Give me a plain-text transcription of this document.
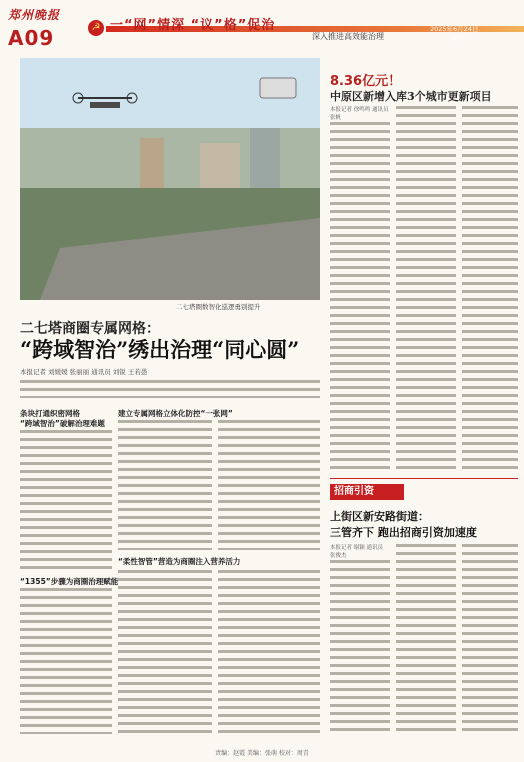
郑州晚报
A09	☭ 一“网”情深 “议”格”促治
深入推进高效能治理
2025年6月24日
星期二
二七塔圈数智化巡逻勇别提升
二七塔商圈专属网格：
“跨域智治”绣出治理“同心圆”
本报记者 刘媛媛 张丽丽 通讯员 刘锐 王若愚
条块打通织密网格
“跨域智治”破解治理难题
“1355”步骤为商圈治理赋能
建立专属网格立体化防控“一张网”
“柔性智管”营造为商圈注入营养活力
8.36亿元！
中原区新增入库3个城市更新项目
本报记者 徐鸣鸣 通讯员 张帆
招商引资
上街区新安路街道：
三管齐下 跑出招商引资加速度
本报记者 谢颖 通讯员 张俊杰
责编：赵霞 美编：张萌 校对：周青
